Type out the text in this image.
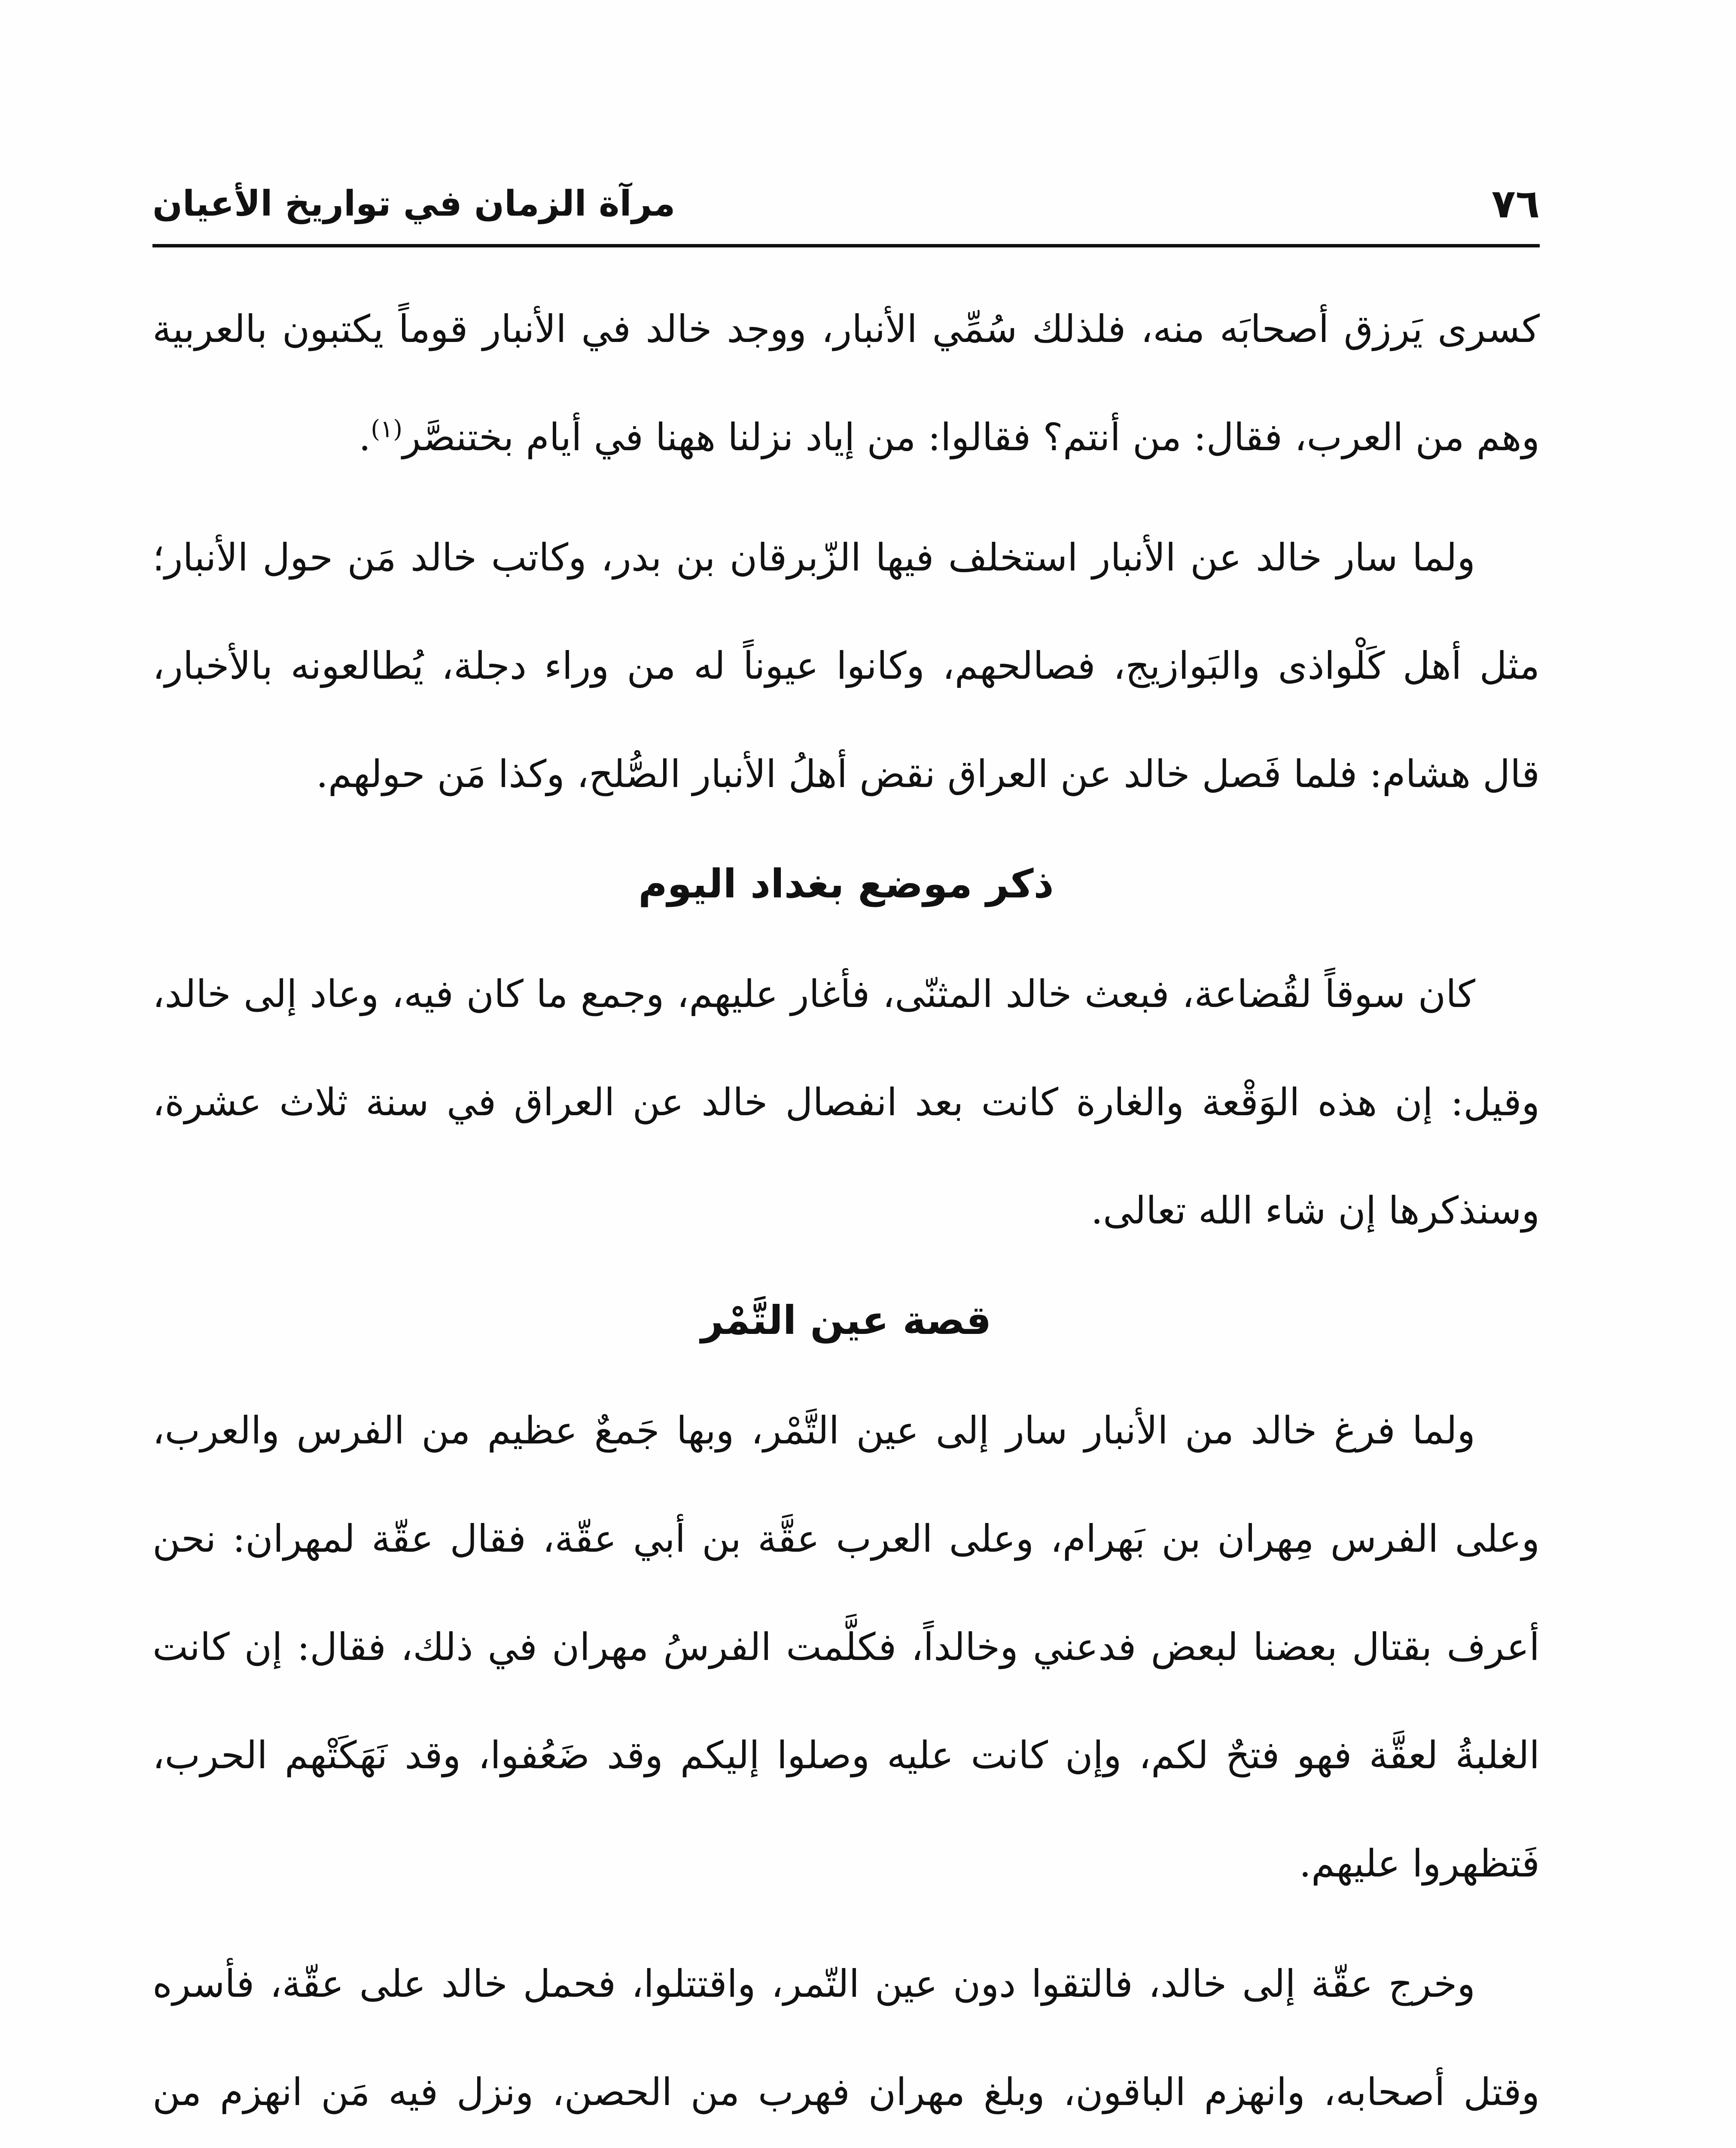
٧٦
مرآة الزمان في تواريخ الأعيان

كسرى يَرزق أصحابَه منه، فلذلك سُمِّي الأنبار، ووجد خالد في الأنبار قوماً يكتبون بالعربية وهم من العرب، فقال: من أنتم؟ فقالوا: من إياد نزلنا ههنا في أيام بختنصَّر$^{(١)}$.

ولما سار خالد عن الأنبار استخلف فيها الزّبرقان بن بدر، وكاتب خالد مَن حول الأنبار؛ مثل أهل كَلْواذى والبَوازيج، فصالحهم، وكانوا عيوناً له من وراء دجلة، يُطالعونه بالأخبار، قال هشام: فلما فَصل خالد عن العراق نقض أهلُ الأنبار الصُّلح، وكذا مَن حولهم.

ذكر موضع بغداد اليوم

كان سوقاً لقُضاعة، فبعث خالد المثنّى، فأغار عليهم، وجمع ما كان فيه، وعاد إلى خالد، وقيل: إن هذه الوَقْعة والغارة كانت بعد انفصال خالد عن العراق في سنة ثلاث عشرة، وسنذكرها إن شاء الله تعالى.

قصة عين التَّمْر

ولما فرغ خالد من الأنبار سار إلى عين التَّمْر، وبها جَمعٌ عظيم من الفرس والعرب، وعلى الفرس مِهران بن بَهرام، وعلى العرب عقَّة بن أبي عقّة، فقال عقّة لمهران: نحن أعرف بقتال بعضنا لبعض فدعني وخالداً، فكلَّمت الفرسُ مهران في ذلك، فقال: إن كانت الغلبةُ لعقَّة فهو فتحٌ لكم، وإن كانت عليه وصلوا إليكم وقد ضَعُفوا، وقد نَهَكَتْهم الحرب، فَتظهروا عليهم.

وخرج عقّة إلى خالد، فالتقوا دون عين التّمر، واقتتلوا، فحمل خالد على عقّة، فأسره وقتل أصحابه، وانهزم الباقون، وبلغ مهران فهرب من الحصن، ونزل فيه مَن انهزم من
